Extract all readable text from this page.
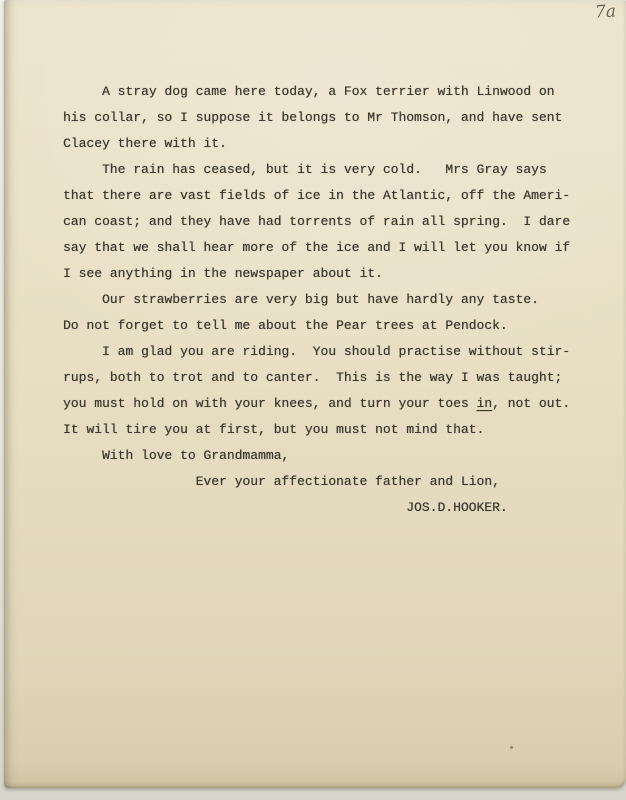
7a
A stray dog came here today, a Fox terrier with Linwood on
his collar, so I suppose it belongs to Mr Thomson, and have sent
Clacey there with it.
The rain has ceased, but it is very cold.   Mrs Gray says
that there are vast fields of ice in the Atlantic, off the Ameri-
can coast; and they have had torrents of rain all spring.  I dare
say that we shall hear more of the ice and I will let you know if
I see anything in the newspaper about it.
Our strawberries are very big but have hardly any taste.
Do not forget to tell me about the Pear trees at Pendock.
I am glad you are riding.  You should practise without stir-
rups, both to trot and to canter.  This is the way I was taught;
you must hold on with your knees, and turn your toes in, not out.
It will tire you at first, but you must not mind that.
With love to Grandmamma,
Ever your affectionate father and Lion,
JOS.D.HOOKER.
